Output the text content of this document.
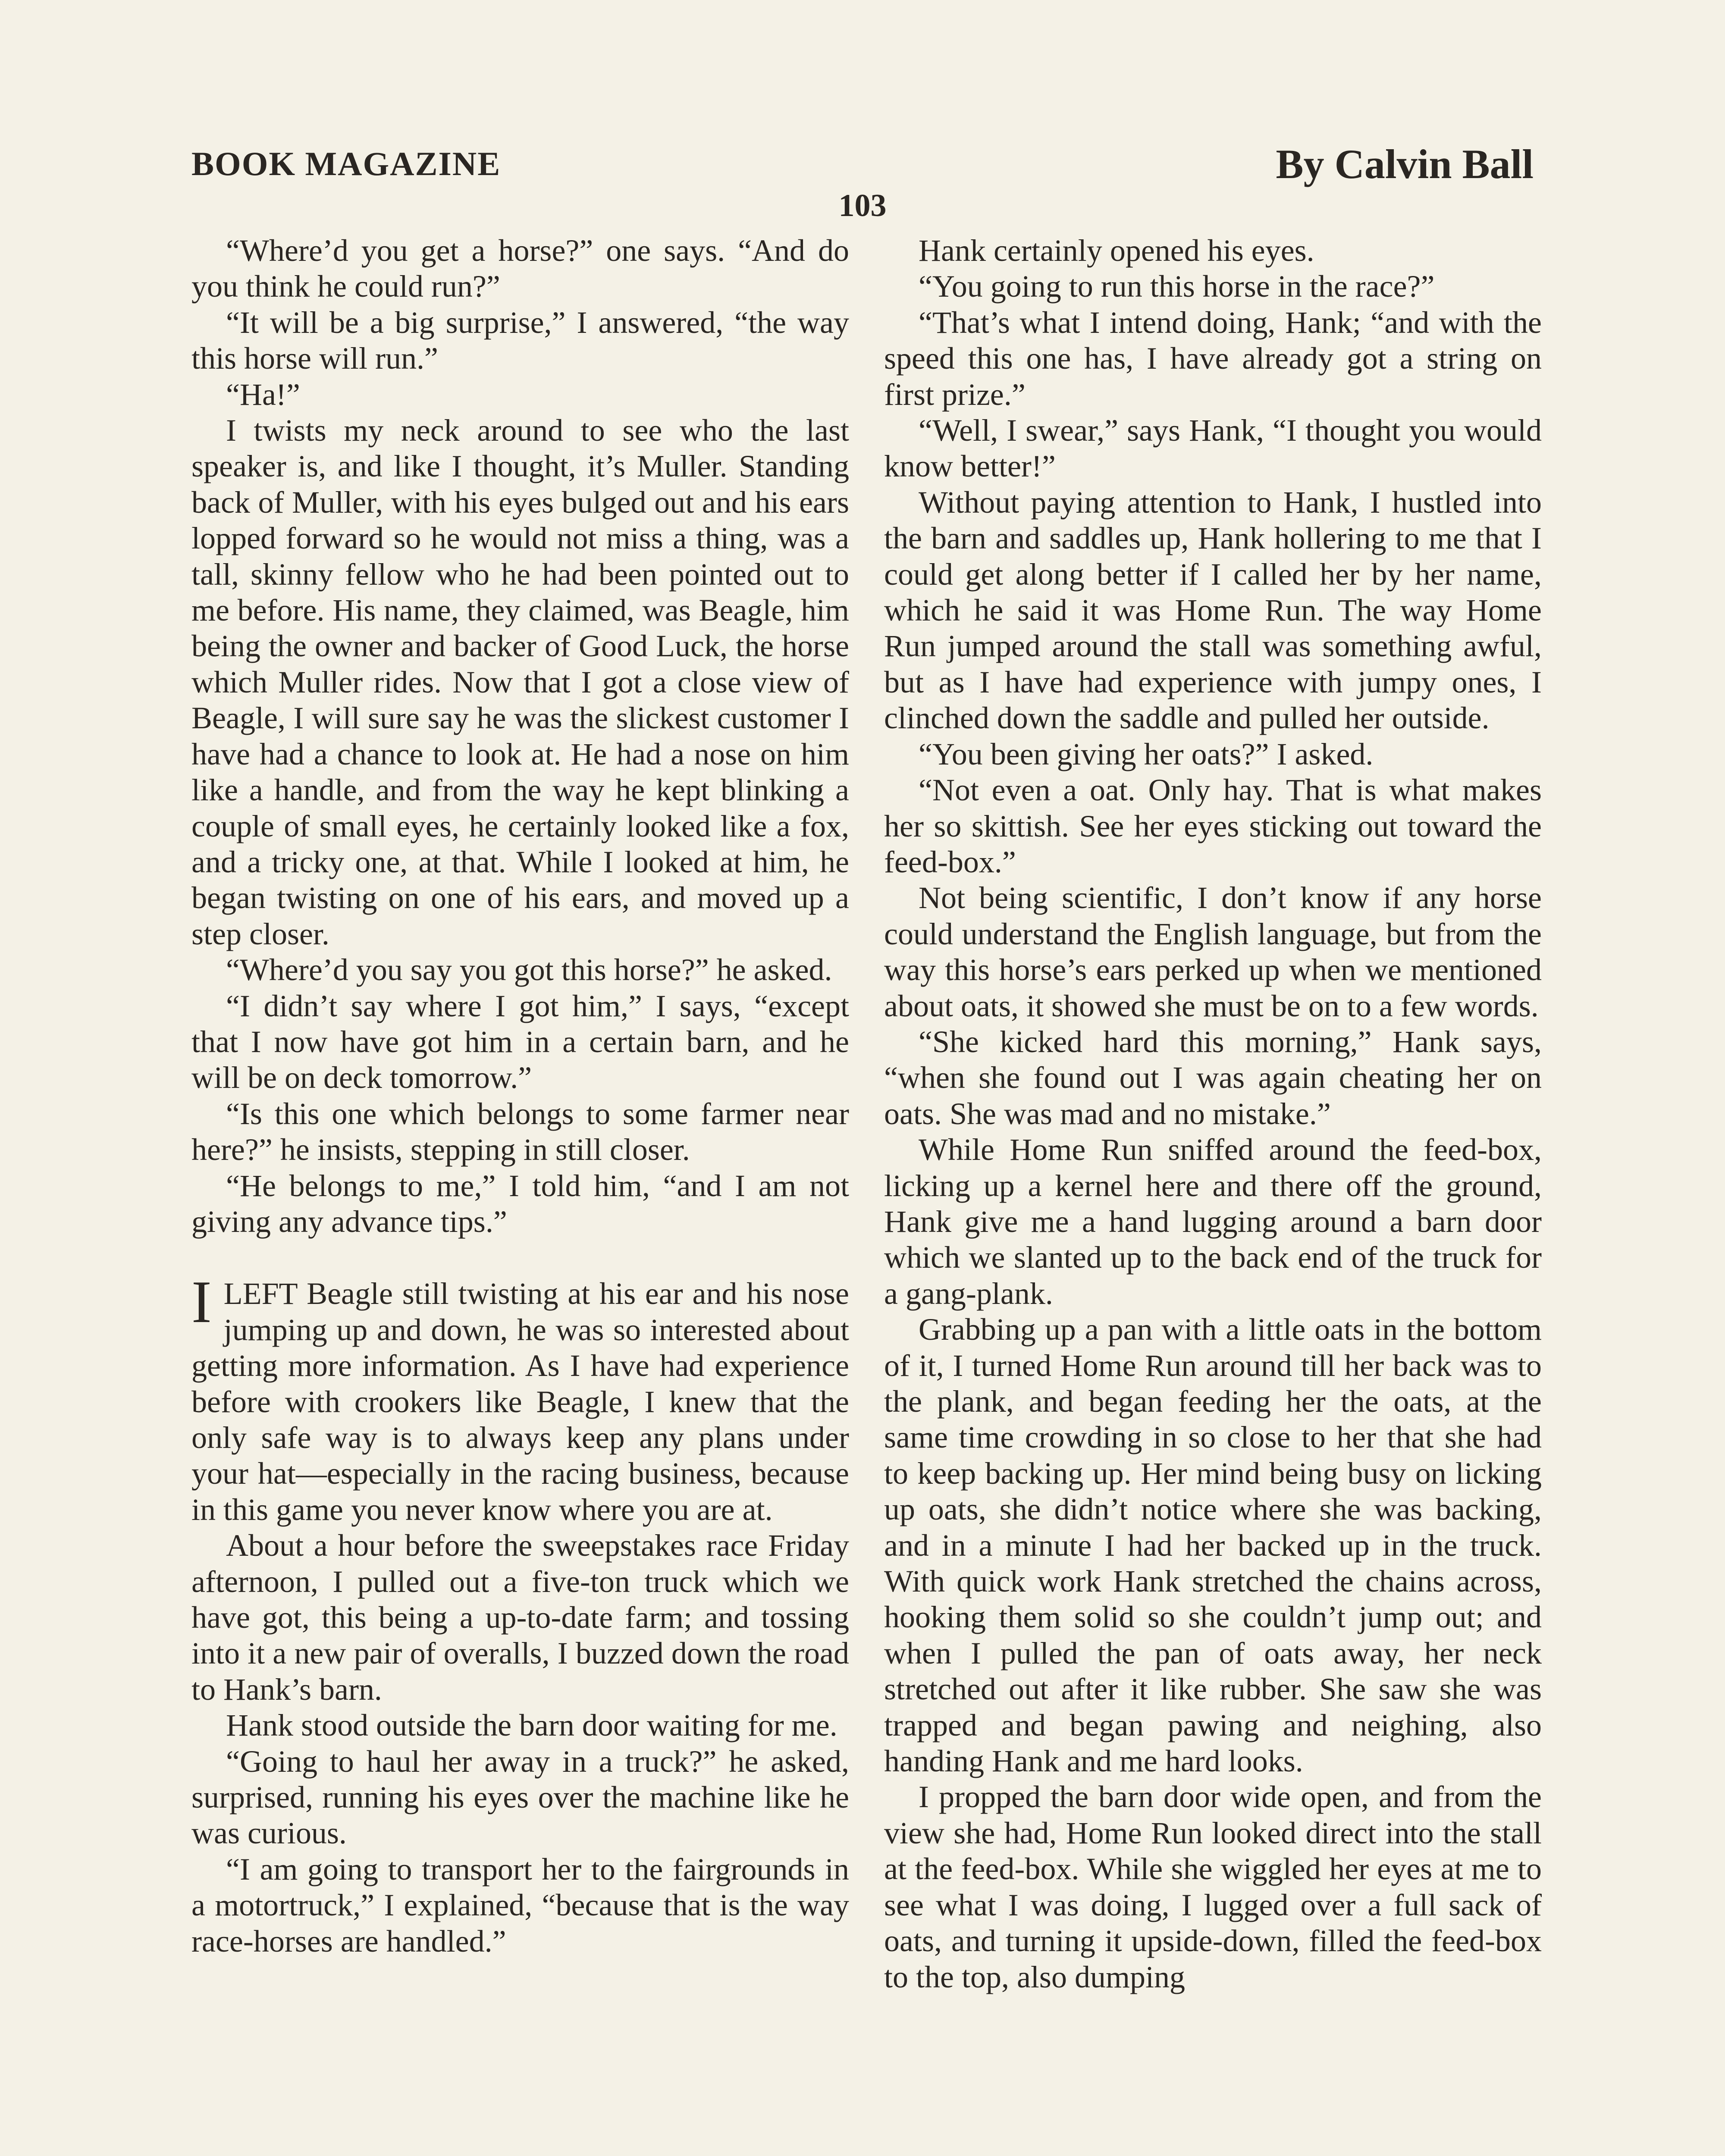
BOOK MAGAZINE	By Calvin Ball
103

“Where’d you get a horse?” one says. “And do you think he could run?”

“It will be a big surprise,” I answered, “the way this horse will run.”

“Ha!”

I twists my neck around to see who the last speaker is, and like I thought, it’s Muller. Standing back of Muller, with his eyes bulged out and his ears lopped forward so he would not miss a thing, was a tall, skinny fellow who he had been pointed out to me before. His name, they claimed, was Beagle, him being the owner and backer of Good Luck, the horse which Muller rides. Now that I got a close view of Beagle, I will sure say he was the slickest customer I have had a chance to look at. He had a nose on him like a handle, and from the way he kept blinking a couple of small eyes, he certainly looked like a fox, and a tricky one, at that. While I looked at him, he began twisting on one of his ears, and moved up a step closer.

“Where’d you say you got this horse?” he asked.

“I didn’t say where I got him,” I says, “except that I now have got him in a certain barn, and he will be on deck tomorrow.”

“Is this one which belongs to some farmer near here?” he insists, stepping in still closer.

“He belongs to me,” I told him, “and I am not giving any advance tips.”

ILEFT Beagle still twisting at his ear and his nose jumping up and down, he was so interested about getting more information. As I have had experience before with crookers like Beagle, I knew that the only safe way is to always keep any plans under your hat—especially in the racing business, because in this game you never know where you are at.

About a hour before the sweepstakes race Friday afternoon, I pulled out a five-ton truck which we have got, this being a up-to-date farm; and tossing into it a new pair of overalls, I buzzed down the road to Hank’s barn.

Hank stood outside the barn door waiting for me.

“Going to haul her away in a truck?” he asked, surprised, running his eyes over the machine like he was curious.

“I am going to transport her to the fairgrounds in a motortruck,” I explained, “because that is the way race-horses are handled.”

Hank certainly opened his eyes.

“You going to run this horse in the race?”

“That’s what I intend doing, Hank; “and with the speed this one has, I have already got a string on first prize.”

“Well, I swear,” says Hank, “I thought you would know better!”

Without paying attention to Hank, I hustled into the barn and saddles up, Hank hollering to me that I could get along better if I called her by her name, which he said it was Home Run. The way Home Run jumped around the stall was something awful, but as I have had experience with jumpy ones, I clinched down the saddle and pulled her outside.

“You been giving her oats?” I asked.

“Not even a oat. Only hay. That is what makes her so skittish. See her eyes sticking out toward the feed-box.”

Not being scientific, I don’t know if any horse could understand the English language, but from the way this horse’s ears perked up when we mentioned about oats, it showed she must be on to a few words.

“She kicked hard this morning,” Hank says, “when she found out I was again cheating her on oats. She was mad and no mistake.”

While Home Run sniffed around the feed-box, licking up a kernel here and there off the ground, Hank give me a hand lugging around a barn door which we slanted up to the back end of the truck for a gang-plank.

Grabbing up a pan with a little oats in the bottom of it, I turned Home Run around till her back was to the plank, and began feeding her the oats, at the same time crowding in so close to her that she had to keep backing up. Her mind being busy on licking up oats, she didn’t notice where she was backing, and in a minute I had her backed up in the truck. With quick work Hank stretched the chains across, hooking them solid so she couldn’t jump out; and when I pulled the pan of oats away, her neck stretched out after it like rubber. She saw she was trapped and began pawing and neighing, also handing Hank and me hard looks.

I propped the barn door wide open, and from the view she had, Home Run looked direct into the stall at the feed-box. While she wiggled her eyes at me to see what I was doing, I lugged over a full sack of oats, and turning it upside-down, filled the feed-box to the top, also dumping
